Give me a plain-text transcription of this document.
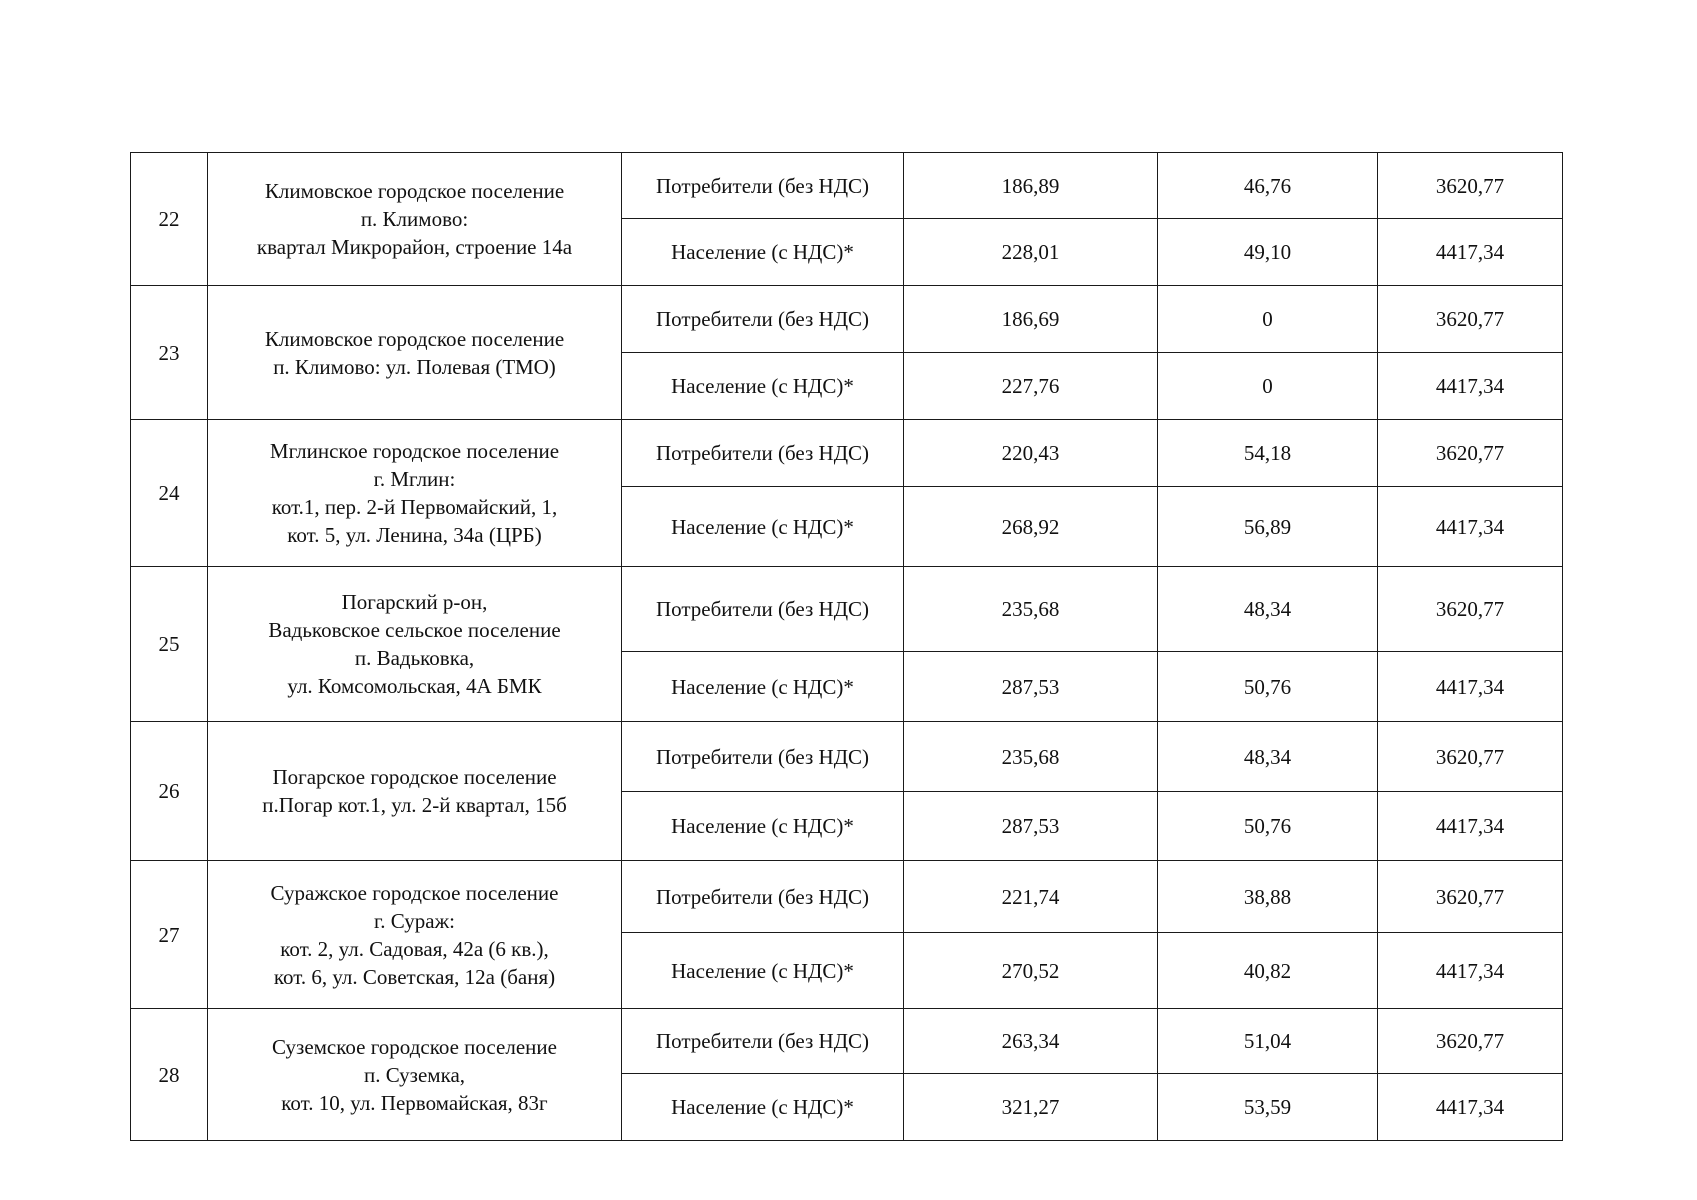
22	Климовское городское поселение
п. Климово:
квартал Микрорайон, строение 14а	Потребители (без НДС)	186,89	46,76	3620,77
		Население (с НДС)*	228,01	49,10	4417,34
23	Климовское городское поселение
п. Климово: ул. Полевая (ТМО)	Потребители (без НДС)	186,69	0	3620,77
		Население (с НДС)*	227,76	0	4417,34
24	Мглинское городское поселение
г. Мглин:
кот.1, пер. 2-й Первомайский, 1,
кот. 5, ул. Ленина, 34а (ЦРБ)	Потребители (без НДС)	220,43	54,18	3620,77
		Население (с НДС)*	268,92	56,89	4417,34
25	Погарский р-он,
Вадьковское сельское поселение
п. Вадьковка,
ул. Комсомольская, 4А БМК	Потребители (без НДС)	235,68	48,34	3620,77
		Население (с НДС)*	287,53	50,76	4417,34
26	Погарское городское поселение
п.Погар кот.1, ул. 2-й квартал, 15б	Потребители (без НДС)	235,68	48,34	3620,77
		Население (с НДС)*	287,53	50,76	4417,34
27	Суражское городское поселение
г. Сураж:
кот. 2, ул. Садовая, 42а (6 кв.),
кот. 6, ул. Советская, 12а (баня)	Потребители (без НДС)	221,74	38,88	3620,77
		Население (с НДС)*	270,52	40,82	4417,34
28	Суземское городское поселение
п. Суземка,
кот. 10, ул. Первомайская, 83г	Потребители (без НДС)	263,34	51,04	3620,77
		Население (с НДС)*	321,27	53,59	4417,34
